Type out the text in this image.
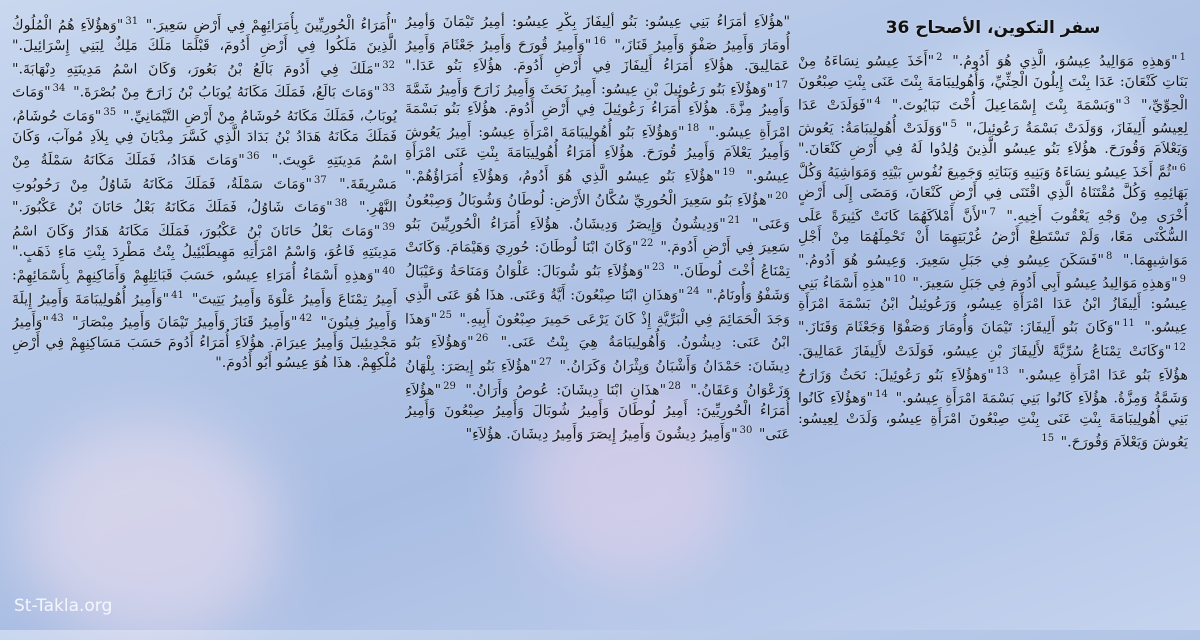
سفر التكوين، الأصحاح 36
$^1$"وَهذِهِ مَوَالِيدُ عِيسُوَ، الَّذِي هُوَ أَدُومُ." $^2$"أَخَذَ عِيسُو نِسَاءَهُ مِنْ بَنَاتِ كَنْعَانَ: عَدَا بِنْتَ إِيلُونَ الْحِثِّيِّ، وَأُهُولِيبَامَةَ بِنْتَ عَنَى بِنْتِ صِبْعُونَ الْحِوِّيِّ،" $^3$"وَبَسْمَةَ بِنْتَ إِسْمَاعِيلَ أُخْتَ نَبَايُوتَ." $^4$"فَوَلَدَتْ عَدَا لِعِيسُو أَلِيفَازَ، وَوَلَدَتْ بَسْمَةُ رَعُوئِيلَ،" $^5$"وَوَلَدَتْ أُهُولِيبَامَةُ: يَعُوشَ وَيَعْلاَمَ وَقُورَحَ. هؤُلاَءِ بَنُو عِيسُو الَّذِينَ وُلِدُوا لَهُ فِي أَرْضِ كَنْعَانَ." $^6$"ثُمَّ أَخَذَ عِيسُو نِسَاءَهُ وَبَنِيهِ وَبَنَاتِهِ وَجَمِيعَ نُفُوسِ بَيْتِهِ وَمَوَاشِيَهُ وَكُلَّ بَهَائِمِهِ وَكُلَّ مُقْتَنَاهُ الَّذِي اقْتَنَى فِي أَرْضِ كَنْعَانَ، وَمَضَى إِلَى أَرْضٍ أُخْرَى مِنْ وَجْهِ يَعْقُوبَ أَخِيهِ." $^7$"لأَنَّ أَمْلاَكَهُمَا كَانَتْ كَثِيرَةً عَلَى السُّكْنَى مَعًا، وَلَمْ تَسْتَطِعْ أَرْضُ غُرْبَتِهِمَا أَنْ تَحْمِلَهُمَا مِنْ أَجْلِ مَوَاشِيهِمَا." $^8$"فَسَكَنَ عِيسُو فِي جَبَلِ سَعِيرَ. وَعِيسُو هُوَ أَدُومُ." $^9$"وَهذِهِ مَوَالِيدُ عِيسُو أَبِي أَدُومَ فِي جَبَلِ سَعِيرَ." $^{10}$"هذِهِ أَسْمَاءُ بَنِي عِيسُو: أَلِيفَازُ ابْنُ عَدَا امْرَأَةِ عِيسُو، وَرَعُوئِيلُ ابْنُ بَسْمَةَ امْرَأَةِ عِيسُو." $^{11}$"وَكَانَ بَنُو أَلِيفَازَ: تَيْمَانَ وَأُومَارَ وَصَفْوًا وَجَعْثَامَ وَقَنَازَ." $^{12}$"وَكَانَتْ تِمْنَاعُ سُرِّيَّةً لأَلِيفَازَ بْنِ عِيسُو، فَوَلَدَتْ لأَلِيفَازَ عَمَالِيقَ. هؤُلاَءِ بَنُو عَدَا امْرَأَةِ عِيسُو." $^{13}$"وَهؤُلاَءِ بَنُو رَعُوئِيلَ: نَحَثُ وَزَارَحُ وَشَمَّةُ وَمِزَّةُ. هؤُلاَءِ كَانُوا بَنِي بَسْمَةَ امْرَأَةِ عِيسُو." $^{14}$"وَهؤُلاَءِ كَانُوا بَنِي أُهُولِيبَامَةَ بِنْتِ عَنَى بِنْتِ صِبْعُونَ امْرَأَةِ عِيسُو، وَلَدَتْ لِعِيسُو: يَعُوشَ وَيَعْلاَمَ وَقُورَحَ." $^{15}$
"هؤُلاَءِ أُمَرَاءُ بَنِي عِيسُو: بَنُو أَلِيفَازَ بِكْرِ عِيسُو: أَمِيرُ تَيْمَانَ وَأَمِيرُ أُومَارَ وَأَمِيرُ صَفْوَ وَأَمِيرُ قَنَازَ،" $^{16}$"وَأَمِيرُ قُورَحَ وَأَمِيرُ جَعْثَامَ وَأَمِيرُ عَمَالِيقَ. هؤُلاَءِ أُمَرَاءُ أَلِيفَازَ فِي أَرْضِ أَدُومَ. هؤُلاَءِ بَنُو عَدَا." $^{17}$"وَهؤُلاَءِ بَنُو رَعُوئِيلَ بْنِ عِيسُو: أَمِيرُ نَحَثَ وَأَمِيرُ زَارَحَ وَأَمِيرُ شَمَّةَ وَأَمِيرُ مِزَّةَ. هؤُلاَءِ أُمَرَاءُ رَعُوئِيلَ فِي أَرْضِ أَدُومَ. هؤُلاَءِ بَنُو بَسْمَةَ امْرَأَةِ عِيسُو." $^{18}$"وَهؤُلاَءِ بَنُو أُهُولِيبَامَةَ امْرَأَةِ عِيسُو: أَمِيرُ يَعُوشَ وَأَمِيرُ يَعْلاَمَ وَأَمِيرُ قُورَحَ. هؤُلاَءِ أُمَرَاءُ أُهُولِيبَامَةَ بِنْتِ عَنَى امْرَأَةِ عِيسُو." $^{19}$"هؤُلاَءِ بَنُو عِيسُو الَّذِي هُوَ أَدُومُ، وَهؤُلاَءِ أُمَرَاؤُهُمْ." $^{20}$"هؤُلاَءِ بَنُو سَعِيرَ الْحُورِيِّ سُكَّانُ الأَرْضِ: لُوطَانُ وَشُوبَالُ وَصِبْعُونُ وَعَنَى" $^{21}$"وَدِيشُونُ وَإِيصَرُ وَدِيشَانُ. هؤُلاَءِ أُمَرَاءُ الْحُورِيِّينَ بَنُو سَعِيرَ فِي أَرْضِ أَدُومَ." $^{22}$"وَكَانَ ابْنَا لُوطَانَ: حُورِيَ وَهَيْمَامَ. وَكَانَتْ تِمْنَاعُ أُخْتَ لُوطَانَ." $^{23}$"وَهؤُلاَءِ بَنُو شُوبَالَ: عَلْوَانُ وَمَنَاحَةُ وَعَيْبَالُ وَشَفْوُ وَأُونَامُ." $^{24}$"وَهذَانِ ابْنَا صِبْعُونَ: أَيَّةُ وَعَنَى. هذَا هُوَ عَنَى الَّذِي وَجَدَ الْحَمَائِمَ فِي الْبَرِّيَّةِ إِذْ كَانَ يَرْعَى حَمِيرَ صِبْعُونَ أَبِيهِ." $^{25}$"وَهذَا ابْنُ عَنَى: دِيشُونُ. وَأُهُولِيبَامَةُ هِيَ بِنْتُ عَنَى." $^{26}$"وَهؤُلاَءِ بَنُو دِيشَانَ: حَمْدَانُ وَأَشْبَانُ وَيِثْرَانُ وَكَرَانُ." $^{27}$"هؤُلاَءِ بَنُو إِيصَرَ: بِلْهَانُ وَزَعْوَانُ وَعَقَانُ." $^{28}$"هذَانِ ابْنَا دِيشَانَ: عُوصُ وَأَرَانُ." $^{29}$"هؤُلاَءِ أُمَرَاءُ الْحُورِيِّينَ: أَمِيرُ لُوطَانَ وَأَمِيرُ شُوبَالَ وَأَمِيرُ صِبْعُونَ وَأَمِيرُ عَنَى" $^{30}$"وَأَمِيرُ دِيشُونَ وَأَمِيرُ إِيصَرَ وَأَمِيرُ دِيشَانَ. هؤُلاَءِ"
"أُمَرَاءُ الْحُورِيِّينَ بِأُمَرَائِهِمْ فِي أَرْضِ سَعِيرَ." $^{31}$"وَهؤُلاَءِ هُمُ الْمُلُوكُ الَّذِينَ مَلَكُوا فِي أَرْضِ أَدُومَ، قَبْلَمَا مَلَكَ مَلِكٌ لِبَنِي إِسْرَائِيلَ." $^{32}$"مَلَكَ فِي أَدُومَ بَالَعُ بْنُ بَعُورَ، وَكَانَ اسْمُ مَدِينَتِهِ دِنْهَابَةَ." $^{33}$"وَمَاتَ بَالَعُ، فَمَلَكَ مَكَانَهُ يُوبَابُ بْنُ زَارَحَ مِنْ بُصْرَةَ." $^{34}$"وَمَاتَ يُوبَابُ، فَمَلَكَ مَكَانَهُ حُوشَامُ مِنْ أَرْضِ التَّيْمَانِيِّ." $^{35}$"وَمَاتَ حُوشَامُ، فَمَلَكَ مَكَانَهُ هَدَادُ بْنُ بَدَادَ الَّذِي كَسَّرَ مِدْيَانَ فِي بِلاَدِ مُوآبَ، وَكَانَ اسْمُ مَدِينَتِهِ عَوِيتَ." $^{36}$"وَمَاتَ هَدَادُ، فَمَلَكَ مَكَانَهُ سَمْلَةُ مِنْ مَسْرِيقَةَ." $^{37}$"وَمَاتَ سَمْلَةُ، فَمَلَكَ مَكَانَهُ شَاوُلُ مِنْ رَحُوبُوتِ النَّهْرِ." $^{38}$"وَمَاتَ شَاوُلُ، فَمَلَكَ مَكَانَهُ بَعْلُ حَانَانَ بْنُ عَكْبُورَ." $^{39}$"وَمَاتَ بَعْلُ حَانَانَ بْنُ عَكْبُورَ، فَمَلَكَ مَكَانَهُ هَدَارُ وَكَانَ اسْمُ مَدِينَتِهِ فَاعُوَ، وَاسْمُ امْرَأَتِهِ مَهِيطَبْئِيلُ بِنْتُ مَطْرِدَ بِنْتِ مَاءِ ذَهَبٍ." $^{40}$"وَهذِهِ أَسْمَاءُ أُمَرَاءِ عِيسُو، حَسَبَ قَبَائِلِهِمْ وَأَمَاكِنِهِمْ بِأَسْمَائِهِمْ: أَمِيرُ تِمْنَاعَ وَأَمِيرُ عَلْوَةَ وَأَمِيرُ يَتِيتَ" $^{41}$"وَأَمِيرُ أُهُولِيبَامَةَ وَأَمِيرُ إِيلَةَ وَأَمِيرُ فِينُونَ" $^{42}$"وَأَمِيرُ قَنَازَ وَأَمِيرُ تَيْمَانَ وَأَمِيرُ مِبْصَارَ" $^{43}$"وَأَمِيرُ مَجْدِيئِيلَ وَأَمِيرُ عِيرَامَ. هؤُلاَءِ أُمَرَاءُ أَدُومَ حَسَبَ مَسَاكِنِهِمْ فِي أَرْضِ مُلْكِهِمْ. هذَا هُوَ عِيسُو أَبُو أَدُومَ."
St-Takla.org
